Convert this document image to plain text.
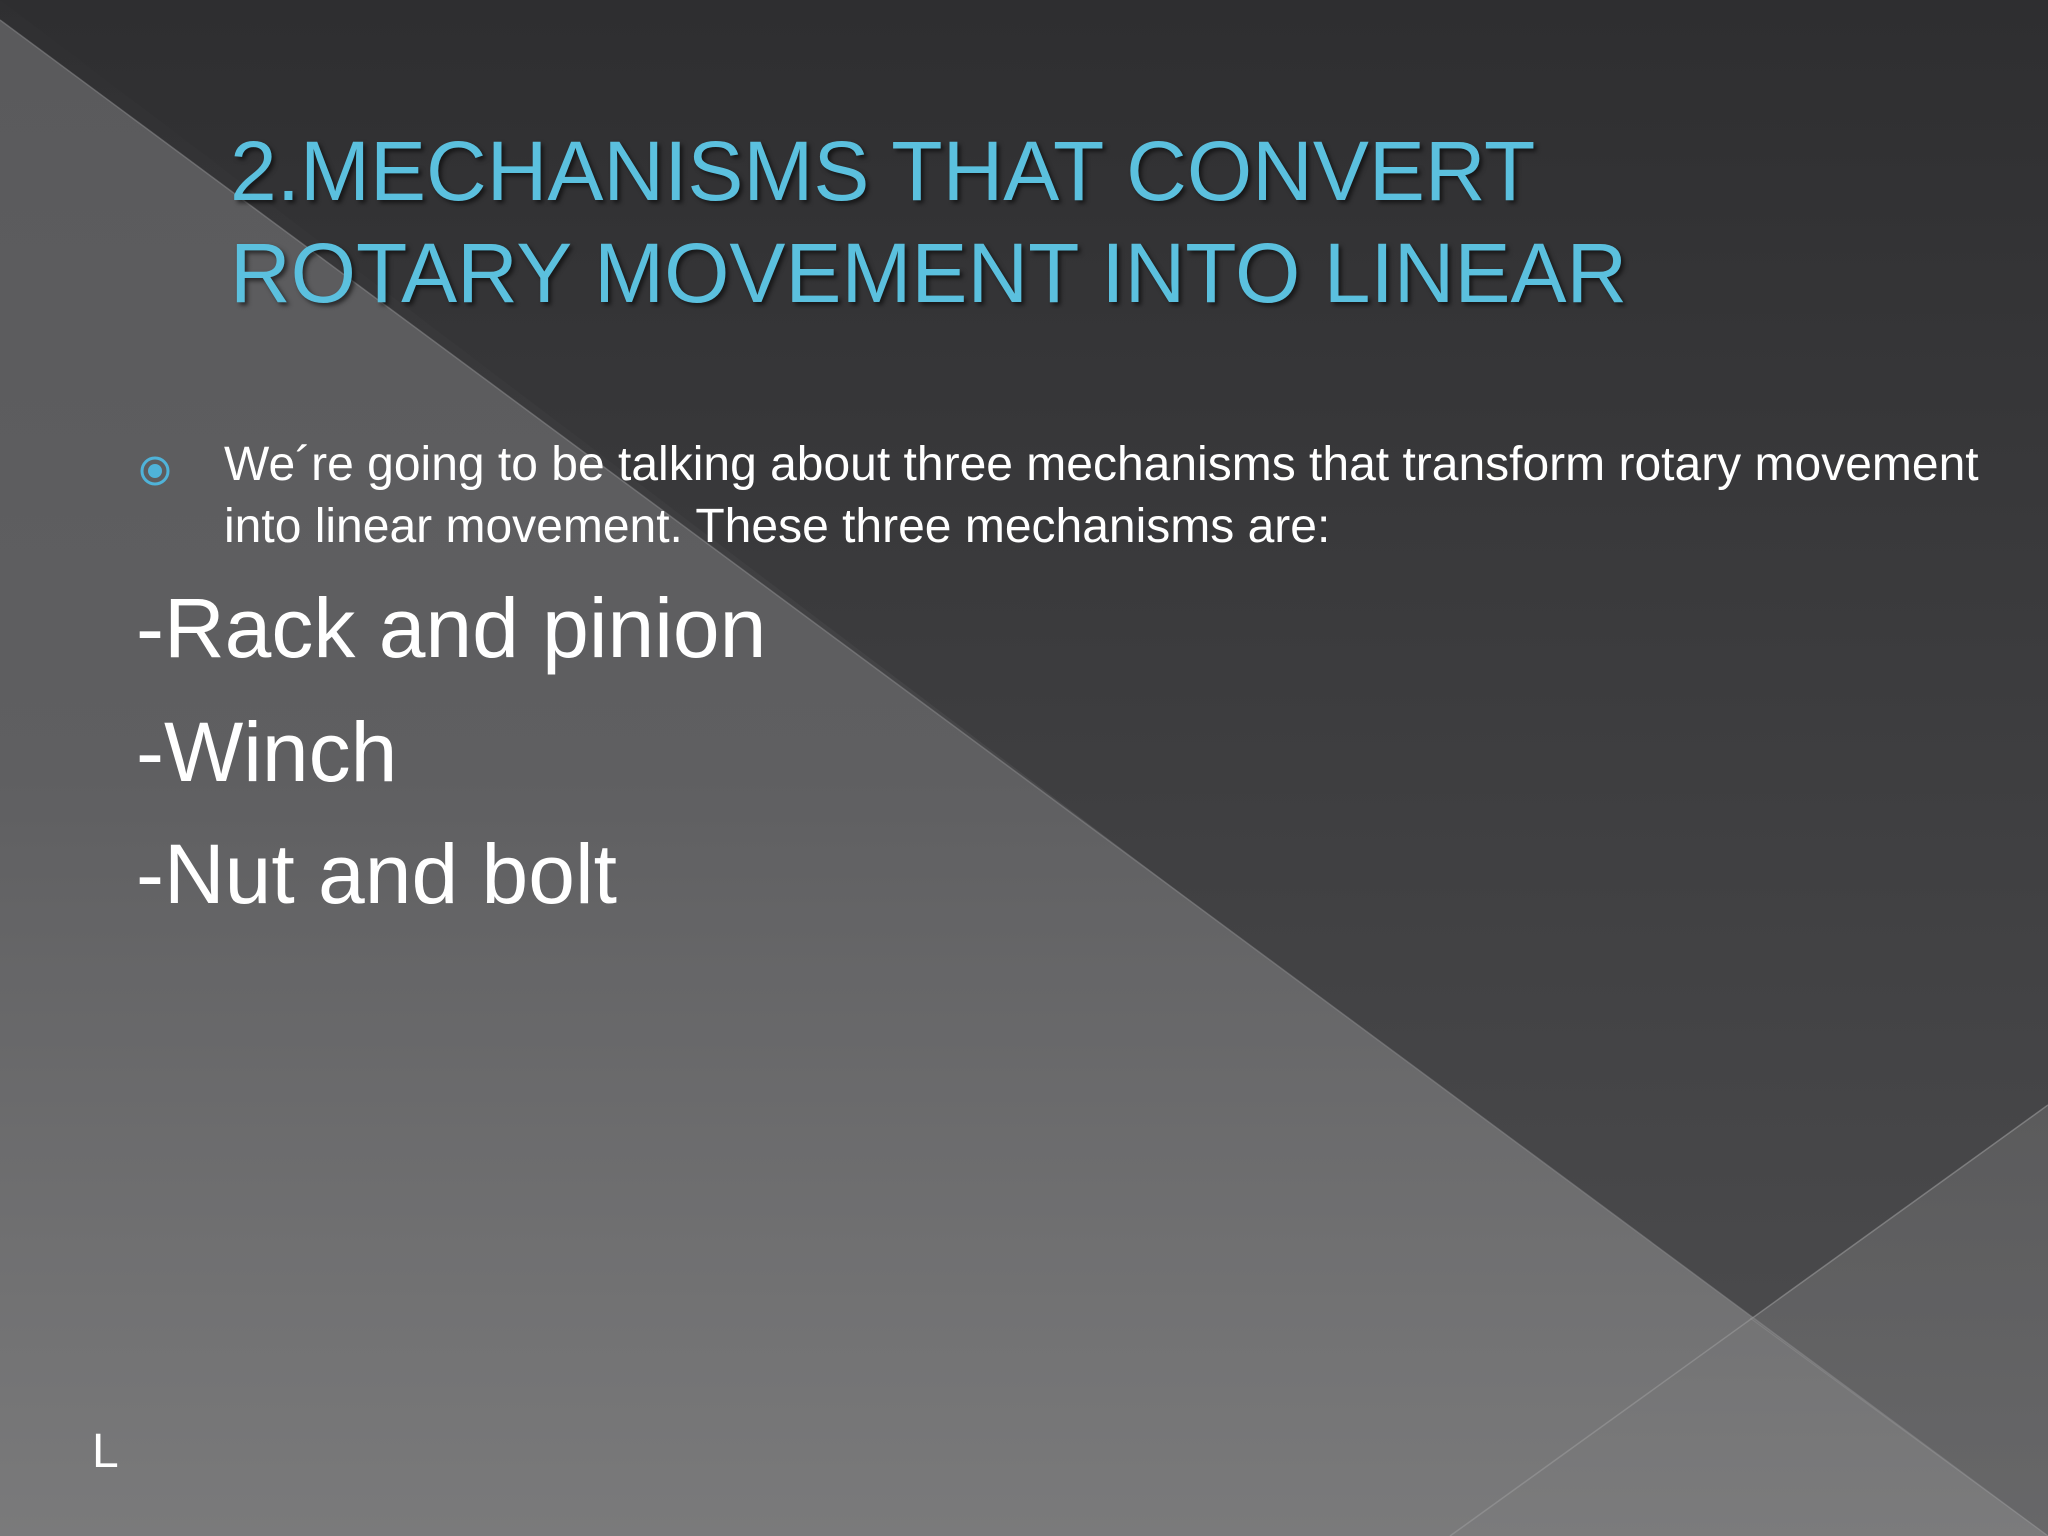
2.MECHANISMS THAT CONVERT
ROTARY MOVEMENT INTO LINEAR
We´re going to be talking about three mechanisms that transform rotary movement into linear movement. These three mechanisms are:
-Rack and pinion
-Winch
-Nut and bolt
L
